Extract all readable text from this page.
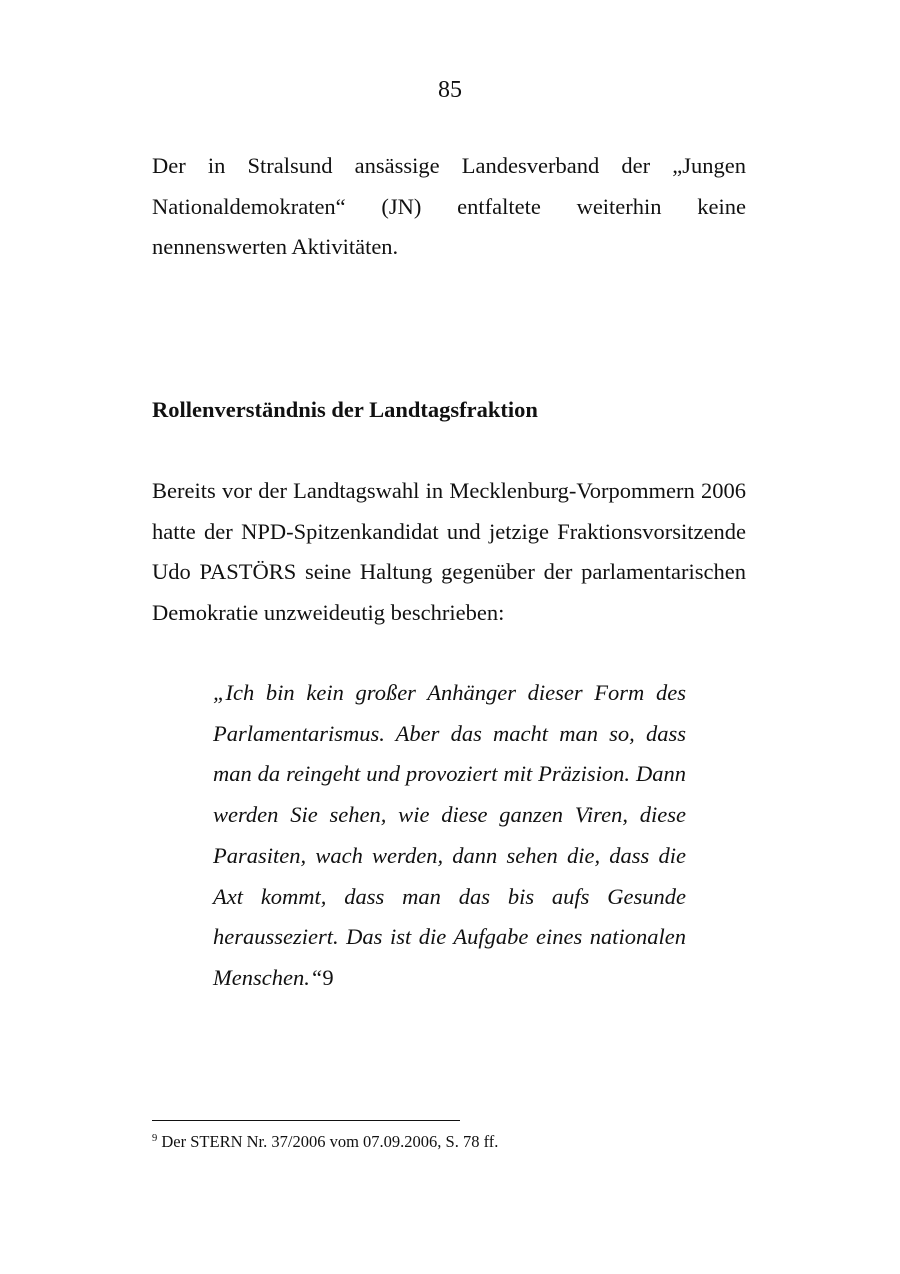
85

Der in Stralsund ansässige Landesverband der „Jungen Nationaldemokraten“ (JN) entfaltete weiterhin keine nennenswerten Aktivitäten.

Rollenverständnis der Landtagsfraktion

Bereits vor der Landtagswahl in Mecklenburg-Vorpommern 2006 hatte der NPD-Spitzenkandidat und jetzige Fraktionsvorsitzende Udo PASTÖRS seine Haltung gegenüber der parlamentarischen Demokratie unzweideutig beschrieben:

„Ich bin kein großer Anhänger dieser Form des Parlamentarismus. Aber das macht man so, dass man da reingeht und provoziert mit Präzision. Dann werden Sie sehen, wie diese ganzen Viren, diese Parasiten, wach werden, dann sehen die, dass die Axt kommt, dass man das bis aufs Gesunde herausseziert. Das ist die Aufgabe eines nationalen Menschen.“9

$^9$ Der STERN Nr. 37/2006 vom 07.09.2006, S. 78 ff.
